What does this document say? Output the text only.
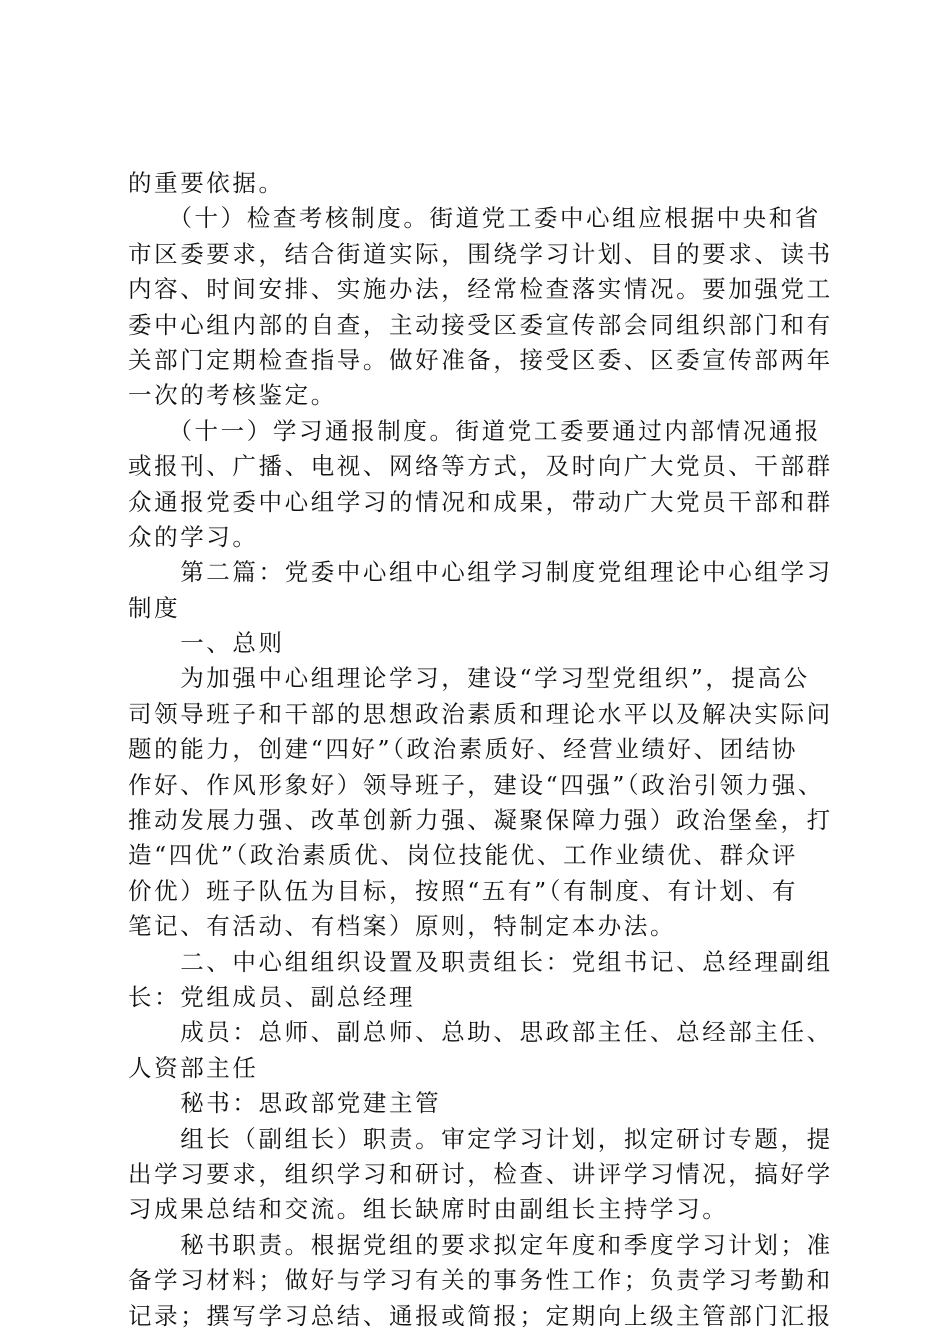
的重要依据。
　　（十）检查考核制度。街道党工委中心组应根据中央和省
市区委要求，结合街道实际，围绕学习计划、目的要求、读书
内容、时间安排、实施办法，经常检查落实情况。要加强党工
委中心组内部的自查，主动接受区委宣传部会同组织部门和有
关部门定期检查指导。做好准备，接受区委、区委宣传部两年
一次的考核鉴定。
　　（十一）学习通报制度。街道党工委要通过内部情况通报
或报刊、广播、电视、网络等方式，及时向广大党员、干部群
众通报党委中心组学习的情况和成果，带动广大党员干部和群
众的学习。
　　第二篇：党委中心组中心组学习制度党组理论中心组学习
制度
　　一、总则
　　为加强中心组理论学习，建设“学习型党组织”，提高公
司领导班子和干部的思想政治素质和理论水平以及解决实际问
题的能力，创建“四好”（政治素质好、经营业绩好、团结协
作好、作风形象好）领导班子，建设“四强”（政治引领力强、
推动发展力强、改革创新力强、凝聚保障力强）政治堡垒，打
造“四优”（政治素质优、岗位技能优、工作业绩优、群众评
价优）班子队伍为目标，按照“五有”（有制度、有计划、有
笔记、有活动、有档案）原则，特制定本办法。
　　二、中心组组织设置及职责组长：党组书记、总经理副组
长：党组成员、副总经理
　　成员：总师、副总师、总助、思政部主任、总经部主任、
人资部主任
　　秘书：思政部党建主管
　　组长（副组长）职责。审定学习计划，拟定研讨专题，提
出学习要求，组织学习和研讨，检查、讲评学习情况，搞好学
习成果总结和交流。组长缺席时由副组长主持学习。
　　秘书职责。根据党组的要求拟定年度和季度学习计划；准
备学习材料；做好与学习有关的事务性工作；负责学习考勤和
记录；撰写学习总结、通报或简报；定期向上级主管部门汇报
